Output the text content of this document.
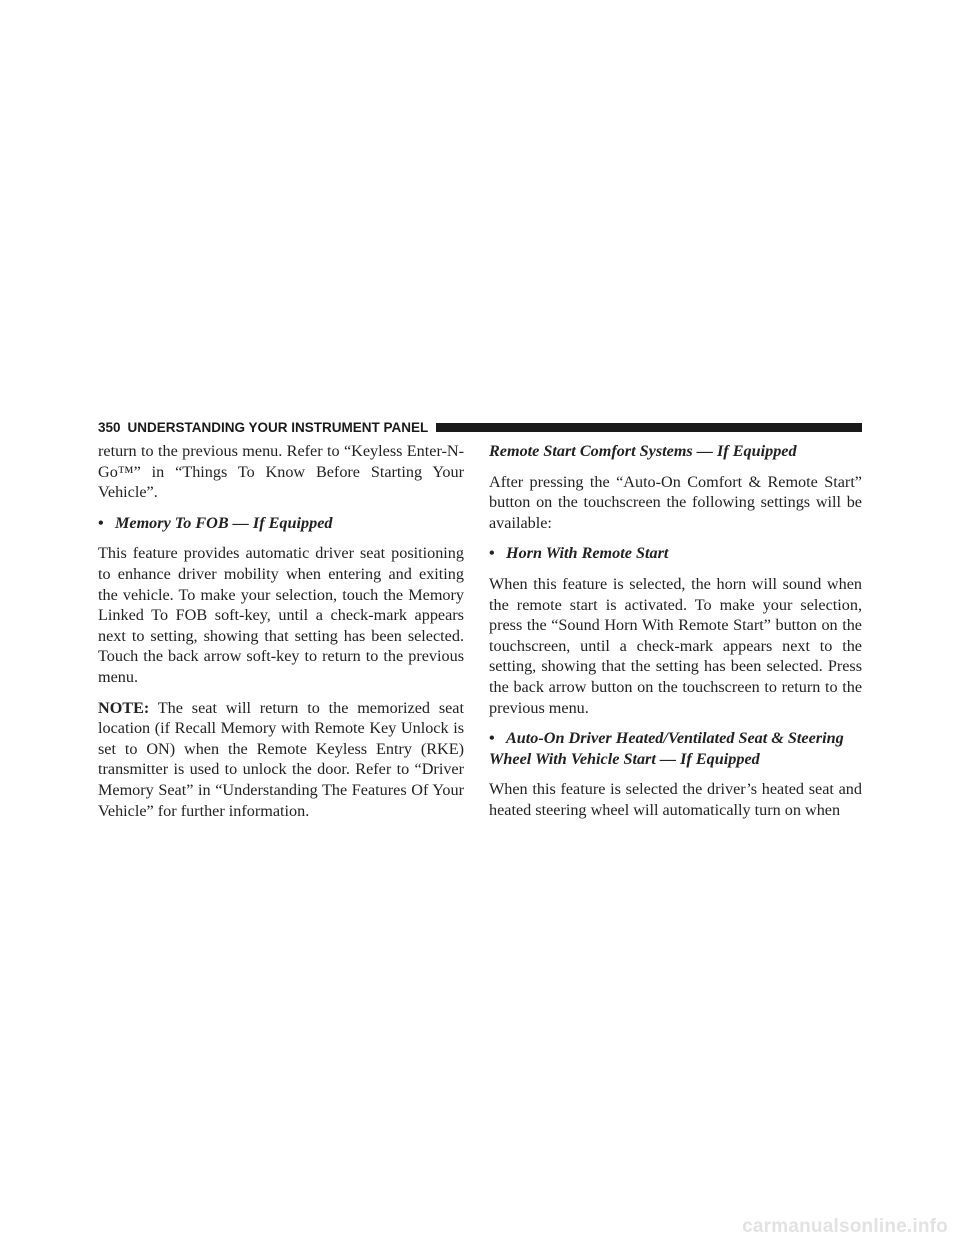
350 UNDERSTANDING YOUR INSTRUMENT PANEL

return to the previous menu. Refer to “Keyless Enter-N-Go™” in “Things To Know Before Starting Your Vehicle”.

• Memory To FOB — If Equipped

This feature provides automatic driver seat positioning to enhance driver mobility when entering and exiting the vehicle. To make your selection, touch the Memory Linked To FOB soft-key, until a check-mark appears next to setting, showing that setting has been selected. Touch the back arrow soft-key to return to the previous menu.

NOTE: The seat will return to the memorized seat location (if Recall Memory with Remote Key Unlock is set to ON) when the Remote Keyless Entry (RKE) transmitter is used to unlock the door. Refer to “Driver Memory Seat” in “Understanding The Features Of Your Vehicle” for further information.

Remote Start Comfort Systems — If Equipped

After pressing the “Auto-On Comfort & Remote Start” button on the touchscreen the following settings will be available:

• Horn With Remote Start

When this feature is selected, the horn will sound when the remote start is activated. To make your selection, press the “Sound Horn With Remote Start” button on the touchscreen, until a check-mark appears next to the setting, showing that the setting has been selected. Press the back arrow button on the touchscreen to return to the previous menu.

• Auto-On Driver Heated/Ventilated Seat & Steering Wheel With Vehicle Start — If Equipped

When this feature is selected the driver’s heated seat and heated steering wheel will automatically turn on when

carmanualsonline.info
